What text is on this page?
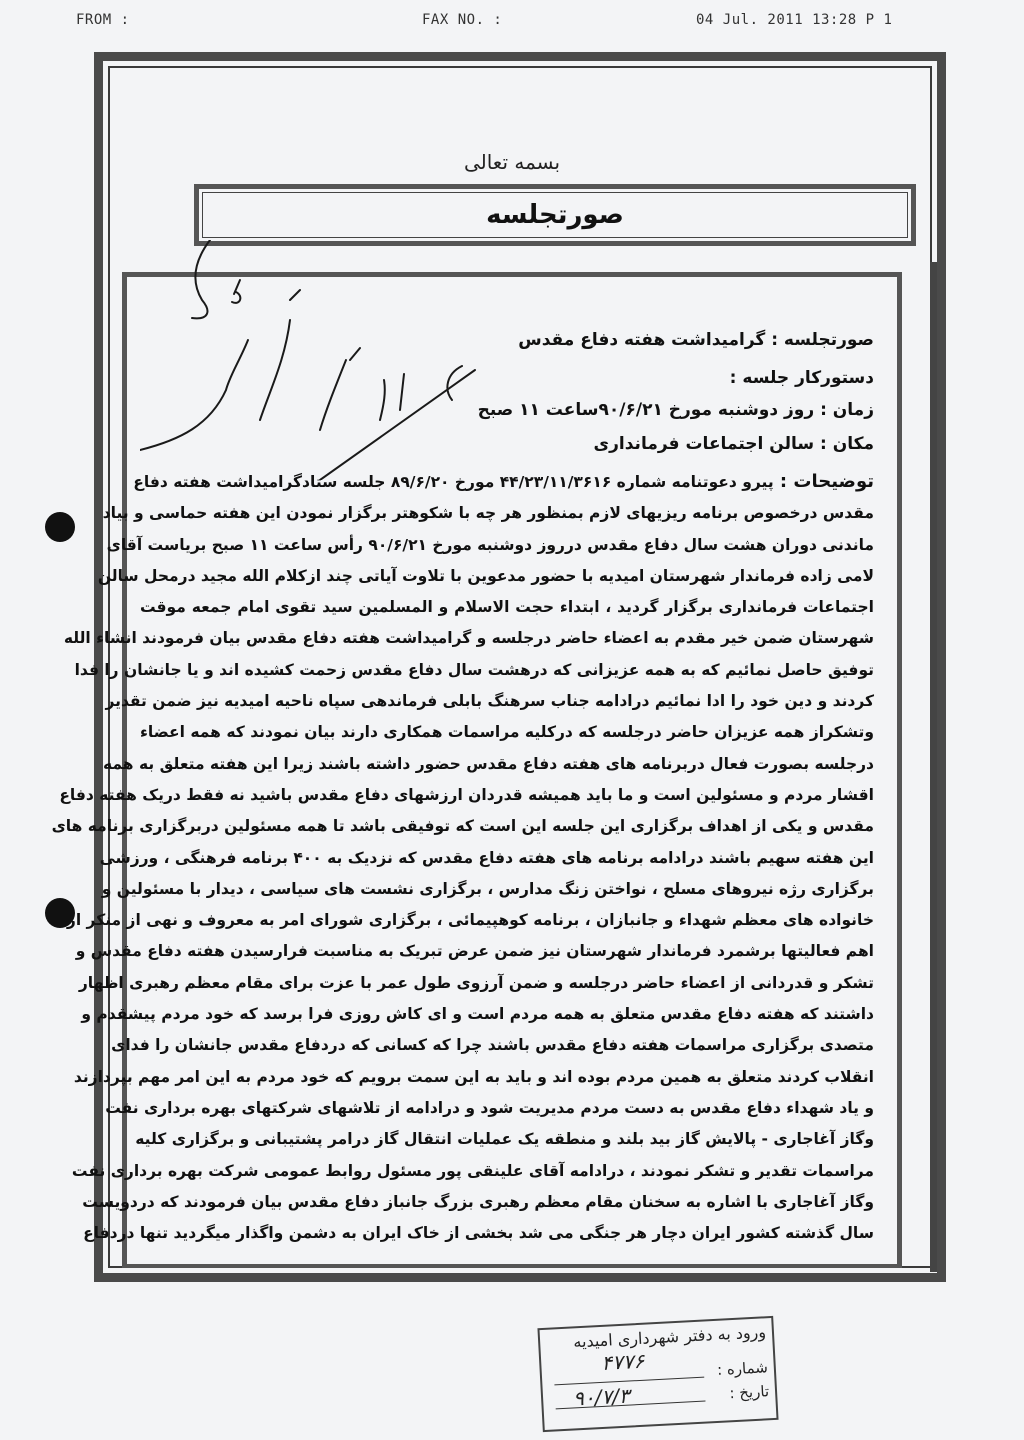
FROM :	FAX NO. :	04 Jul. 2011 13:28 P 1
بسمه تعالی
صورتجلسه
صورتجلسه : گرامیداشت هفته دفاع مقدس
دستورکار جلسه :
زمان : روز دوشنبه مورخ ۹۰/۶/۲۱ساعت ۱۱ صبح
مکان : سالن اجتماعات فرمانداری
توضیحات : پیرو دعوتنامه شماره ۴۴/۲۳/۱۱/۳۶۱۶ مورخ ۸۹/۶/۲۰ جلسه ستادگرامیداشت هفته دفاع
مقدس درخصوص برنامه ریزیهای لازم بمنظور هر چه با شکوهتر برگزار نمودن این هفته حماسی و بیاد
ماندنی دوران هشت سال دفاع مقدس درروز دوشنبه مورخ ۹۰/۶/۲۱ رأس ساعت ۱۱ صبح بریاست آقای
لامی زاده فرماندار شهرستان امیدیه با حضور مدعوین با تلاوت آیاتی چند ازکلام الله مجید درمحل سالن
اجتماعات فرمانداری برگزار گردید ، ابتداء حجت الاسلام و المسلمین سید تقوی امام جمعه موقت
شهرستان ضمن خیر مقدم به اعضاء حاضر درجلسه و گرامیداشت هفته دفاع مقدس بیان فرمودند انشاء الله
توفیق حاصل نمائیم که به همه عزیزانی که درهشت سال دفاع مقدس زحمت کشیده اند و یا جانشان را فدا
کردند و دین خود را ادا نمائیم درادامه جناب سرهنگ بابلی فرماندهی سپاه ناحیه امیدیه نیز ضمن تقدیر
وتشکراز همه عزیزان حاضر درجلسه که درکلیه مراسمات همکاری دارند بیان نمودند که همه اعضاء
درجلسه بصورت فعال دربرنامه های هفته دفاع مقدس حضور داشته باشند زیرا این هفته متعلق به همه
اقشار مردم و مسئولین است و ما باید همیشه قدردان ارزشهای دفاع مقدس باشید نه فقط دریک هفته دفاع
مقدس و یکی از اهداف برگزاری این جلسه این است که توفیقی باشد تا همه مسئولین دربرگزاری برنامه های
این هفته سهیم باشند درادامه برنامه های هفته دفاع مقدس که نزدیک به ۴۰۰ برنامه فرهنگی ، ورزشی
برگزاری رژه نیروهای مسلح ، نواختن زنگ مدارس ، برگزاری نشست های سیاسی ، دیدار با مسئولین و
خانواده های معظم شهداء و جانبازان ، برنامه کوهپیمائی ، برگزاری شورای امر به معروف و نهی از منکر از
اهم فعالیتها برشمرد فرماندار شهرستان نیز ضمن عرض تبریک به مناسبت فرارسیدن هفته دفاع مقدس و
تشکر و قدردانی از اعضاء حاضر درجلسه و ضمن آرزوی طول عمر با عزت برای مقام معظم رهبری اظهار
داشتند که هفته دفاع مقدس متعلق به همه مردم است و ای کاش روزی فرا برسد که خود مردم پیشقدم و
متصدی برگزاری مراسمات هفته دفاع مقدس باشند چرا که کسانی که دردفاع مقدس جانشان را فدای
انقلاب کردند متعلق به همین مردم بوده اند و باید به این سمت برویم که خود مردم به این امر مهم بپردازند
و یاد شهداء دفاع مقدس به دست مردم مدیریت شود و درادامه از تلاشهای شرکتهای بهره برداری نفت
وگاز آغاجاری - پالایش گاز بید بلند و منطقه یک عملیات انتقال گاز درامر پشتیبانی و برگزاری کلیه
مراسمات تقدیر و تشکر نمودند ، درادامه آقای علینقی پور مسئول روابط عمومی شرکت بهره برداری نفت
وگاز آغاجاری با اشاره به سخنان مقام معظم رهبری بزرگ جانباز دفاع مقدس بیان فرمودند که دردویست
سال گذشته کشور ایران دچار هر جنگی می شد بخشی از خاک ایران به دشمن واگذار میگردید تنها دردفاع
ورود به دفتر شهرداری امیدیه
شماره :
تاریخ :
۴۷۷۶
۹۰/۷/۳
